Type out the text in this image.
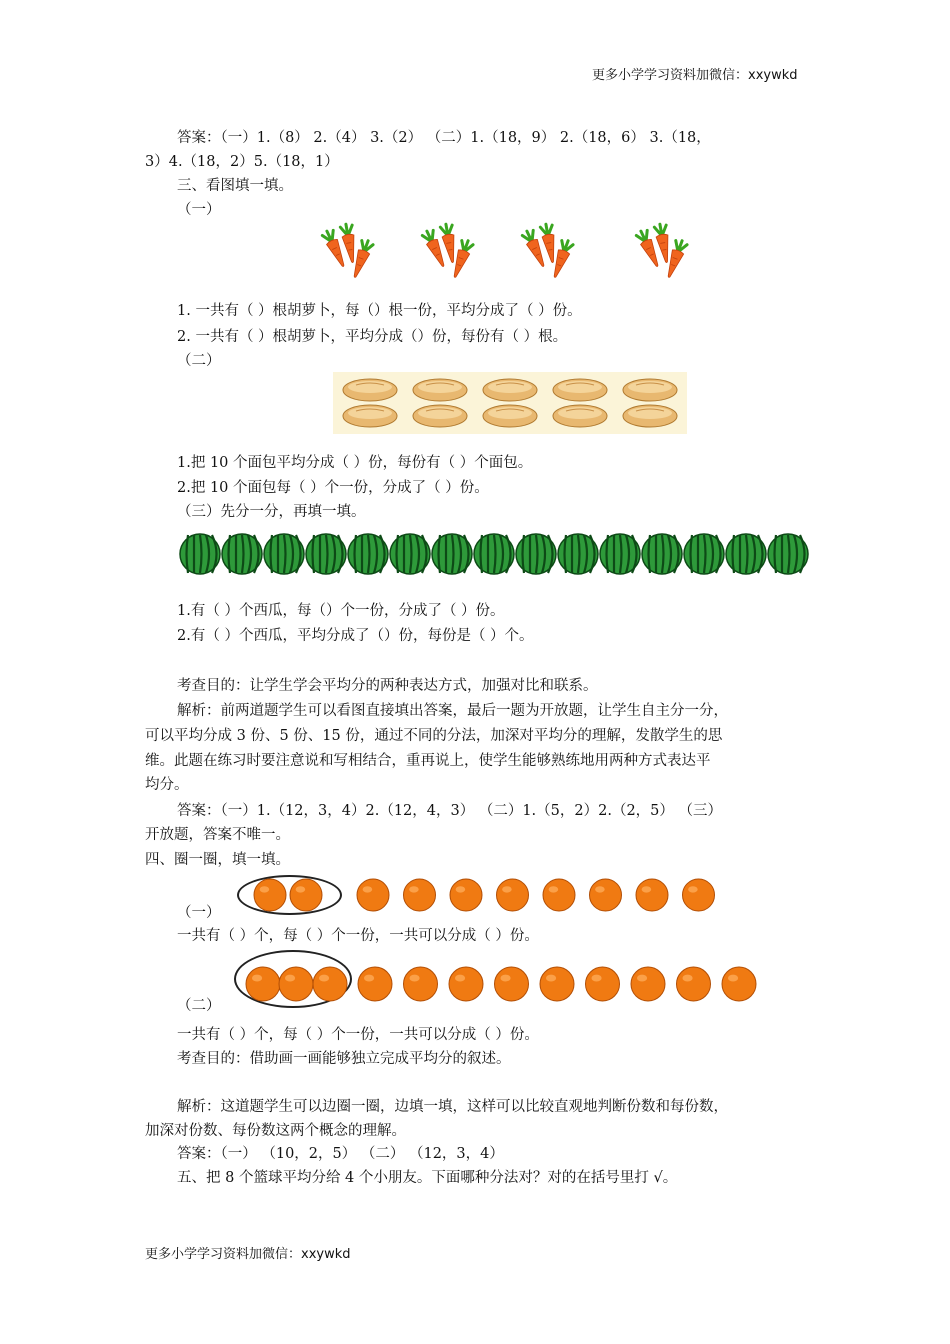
更多小学学习资料加微信：xxywkd
更多小学学习资料加微信：xxywkd
答案：（一）1.（8） 2.（4） 3.（2） （二）1.（18，9） 2.（18，6） 3.（18，
3）4.（18，2）5.（18，1）
三、看图填一填。
（一）
1. 一共有（ ）根胡萝卜，每（）根一份，平均分成了（ ）份。
2. 一共有（ ）根胡萝卜，平均分成（）份，每份有（ ）根。
（二）
1.把 10 个面包平均分成（ ）份，每份有（ ）个面包。
2.把 10 个面包每（ ）个一份，分成了（ ）份。
（三）先分一分，再填一填。
1.有（ ）个西瓜，每（）个一份，分成了（ ）份。
2.有（ ）个西瓜，平均分成了（）份，每份是（ ）个。
考查目的：让学生学会平均分的两种表达方式，加强对比和联系。
解析：前两道题学生可以看图直接填出答案，最后一题为开放题，让学生自主分一分，
可以平均分成 3 份、5 份、15 份，通过不同的分法，加深对平均分的理解，发散学生的思
维。此题在练习时要注意说和写相结合，重再说上，使学生能够熟练地用两种方式表达平
均分。
答案：（一）1.（12，3，4）2.（12，4，3） （二）1.（5，2）2.（2，5） （三）
开放题，答案不唯一。
四、圈一圈，填一填。
（一）
一共有（ ）个，每（ ）个一份，一共可以分成（ ）份。
（二）
一共有（ ）个，每（ ）个一份，一共可以分成（ ）份。
考查目的：借助画一画能够独立完成平均分的叙述。
解析：这道题学生可以边圈一圈，边填一填，这样可以比较直观地判断份数和每份数，
加深对份数、每份数这两个概念的理解。
答案：（一） （10，2，5） （二） （12，3，4）
五、把 8 个篮球平均分给 4 个小朋友。下面哪种分法对？对的在括号里打 √。
